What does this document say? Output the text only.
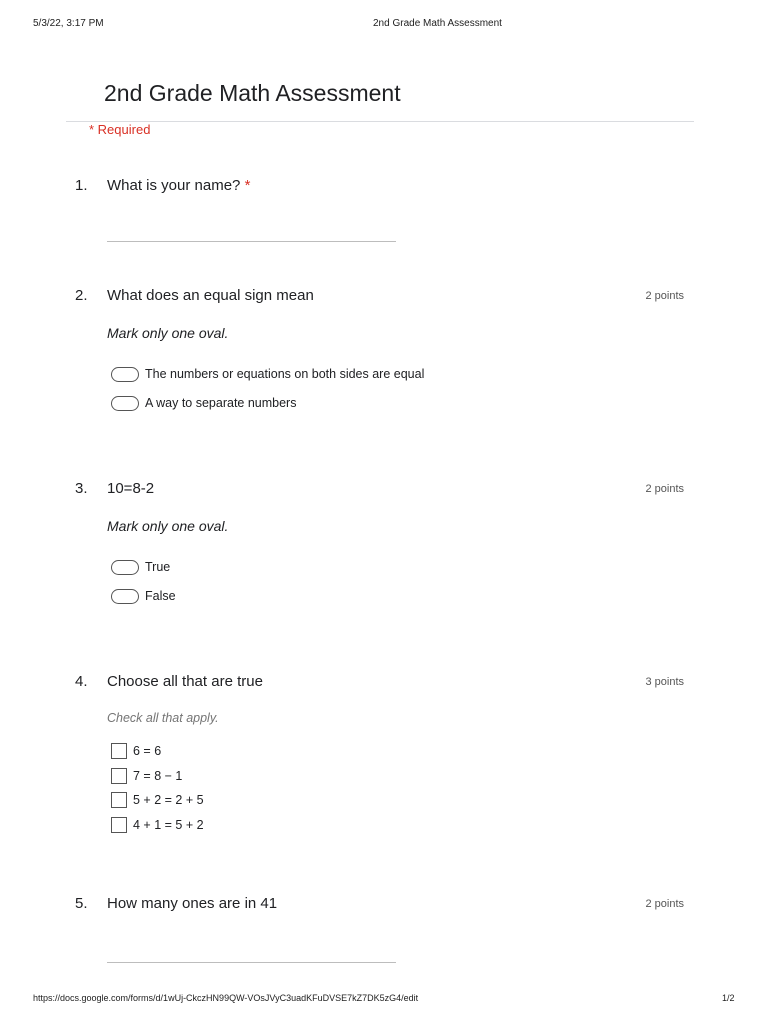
5/3/22, 3:17 PM	2nd Grade Math Assessment
2nd Grade Math Assessment
* Required
1. What is your name? *
2. What does an equal sign mean	2 points
Mark only one oval.
The numbers or equations on both sides are equal
A way to separate numbers
3. 10=8-2	2 points
Mark only one oval.
True
False
4. Choose all that are true	3 points
Check all that apply.
6 = 6
7 = 8 − 1
5 + 2 = 2 + 5
4 + 1 = 5 + 2
5. How many ones are in 41	2 points
https://docs.google.com/forms/d/1wUj-CkczHN99QW-VOsJVyC3uadKFuDVSE7kZ7DK5zG4/edit	1/2
